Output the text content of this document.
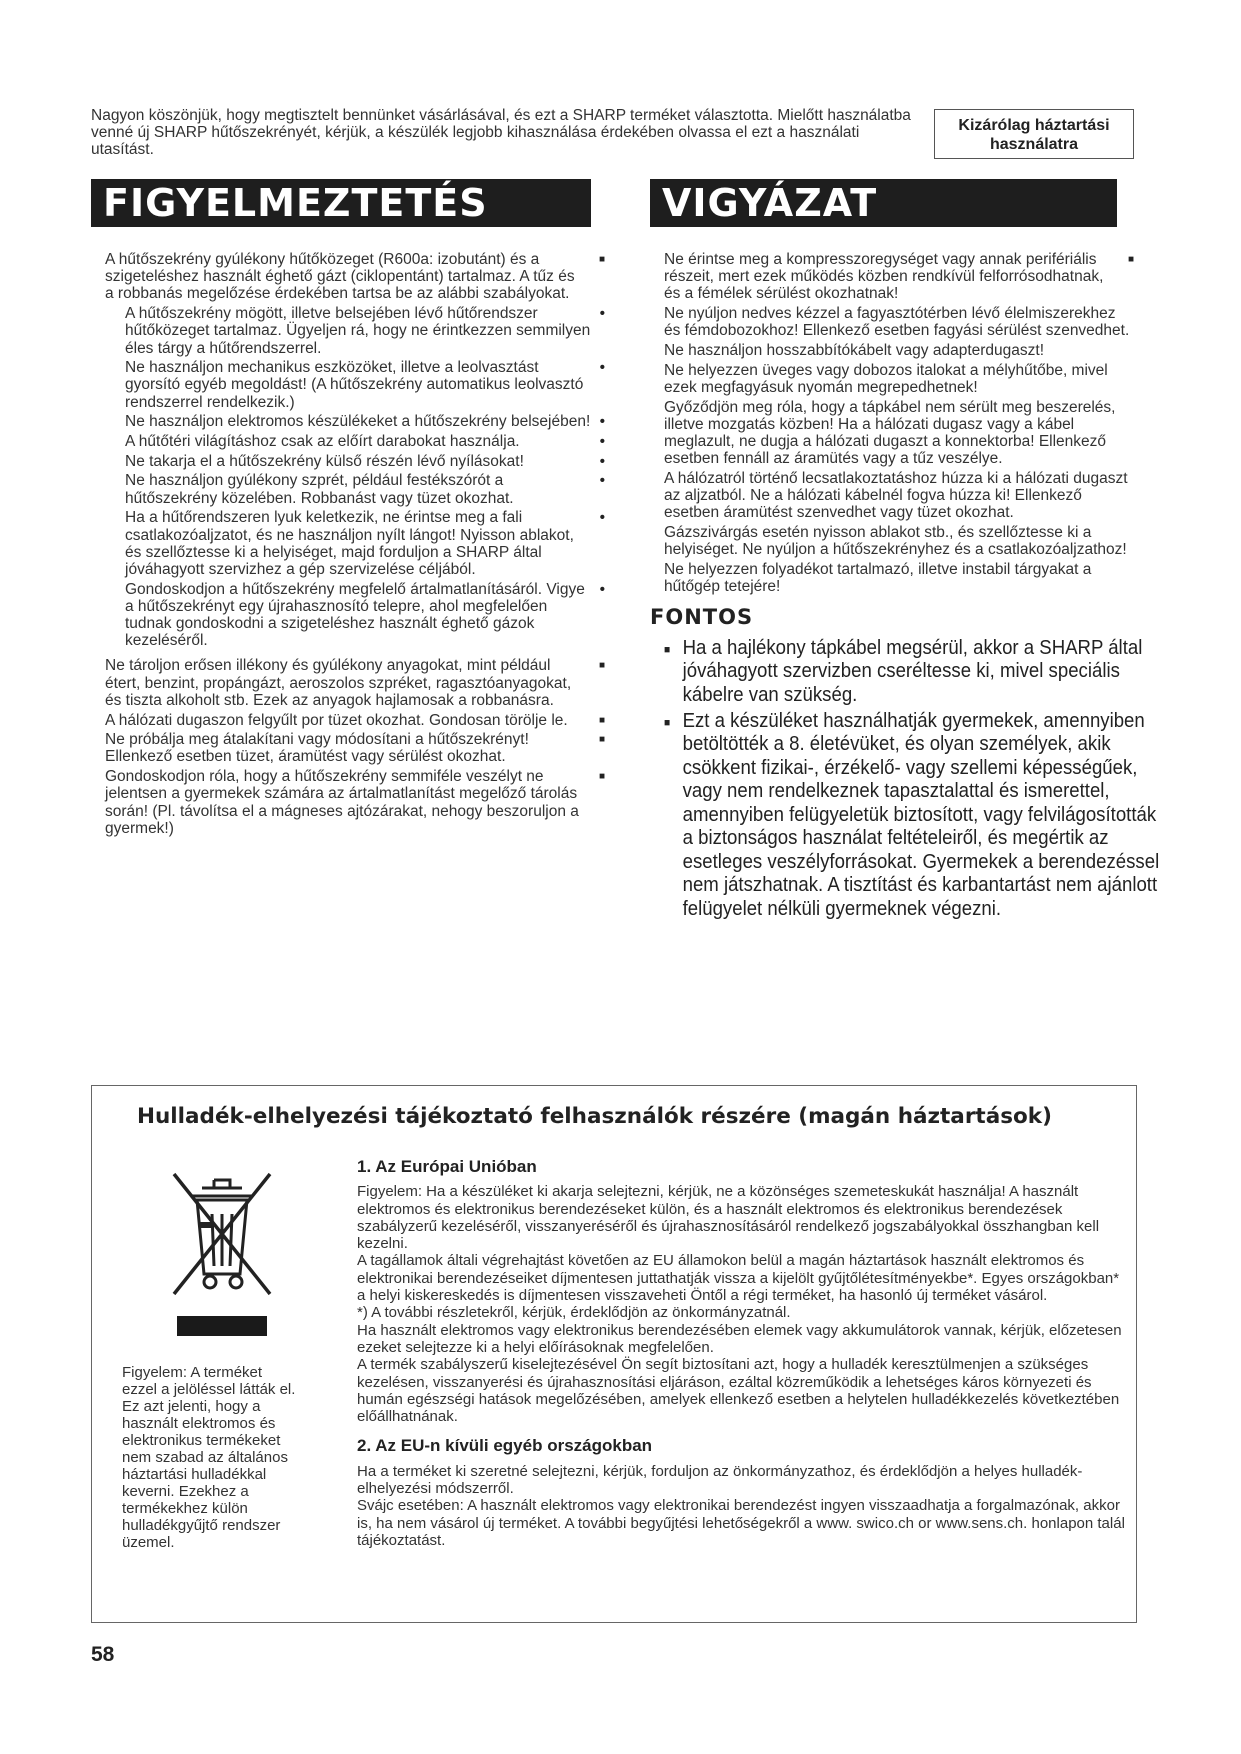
Nagyon köszönjük, hogy megtisztelt bennünket vásárlásával, és ezt a SHARP terméket választotta. Mielőtt használatba venné új SHARP hűtőszekrényét, kérjük, a készülék legjobb kihasználása érdekében olvassa el ezt a használati utasítást.
Kizárólag háztartási
használatra
FIGYELMEZTETÉS	VIGYÁZAT

A hűtőszekrény gyúlékony hűtőközeget (R600a: izobutánt) és a szigeteléshez használt éghető gázt (ciklopentánt) tartalmaz. A tűz és a robbanás megelőzése érdekében tartsa be az alábbi szabályokat. ■

A hűtőszekrény mögött, illetve belsejében lévő hűtőrendszer hűtőközeget tartalmaz. Ügyeljen rá, hogy ne érintkezzen semmilyen éles tárgy a hűtőrendszerrel. •

Ne használjon mechanikus eszközöket, illetve a leolvasztást gyorsító egyéb megoldást! (A hűtőszekrény automatikus leolvasztó rendszerrel rendelkezik.) •

Ne használjon elektromos készülékeket a hűtőszekrény belsejében! •

A hűtőtéri világításhoz csak az előírt darabokat használja. •

Ne takarja el a hűtőszekrény külső részén lévő nyílásokat! •

Ne használjon gyúlékony szprét, például festékszórót a hűtőszekrény közelében. Robbanást vagy tüzet okozhat. •

Ha a hűtőrendszeren lyuk keletkezik, ne érintse meg a fali csatlakozóaljzatot, és ne használjon nyílt lángot! Nyisson ablakot, és szellőztesse ki a helyiséget, majd forduljon a SHARP által jóváhagyott szervizhez a gép szervizelése céljából. •

Gondoskodjon a hűtőszekrény megfelelő ártalmatlanításáról. Vigye a hűtőszekrényt egy újrahasznosító telepre, ahol megfelelően tudnak gondoskodni a szigeteléshez használt éghető gázok kezeléséről. •

Ne tároljon erősen illékony és gyúlékony anyagokat, mint például étert, benzint, propángázt, aeroszolos szpréket, ragasztóanyagokat, és tiszta alkoholt stb. Ezek az anyagok hajlamosak a robbanásra. ■

A hálózati dugaszon felgyűlt por tüzet okozhat. Gondosan törölje le. ■

Ne próbálja meg átalakítani vagy módosítani a hűtőszekrényt! Ellenkező esetben tüzet, áramütést vagy sérülést okozhat. ■

Gondoskodjon róla, hogy a hűtőszekrény semmiféle veszélyt ne jelentsen a gyermekek számára az ártalmatlanítást megelőző tárolás során! (Pl. távolítsa el a mágneses ajtózárakat, nehogy beszoruljon a gyermek!) ■

Ne érintse meg a kompresszoregységet vagy annak perifériális részeit, mert ezek működés közben rendkívül felforrósodhatnak, és a fémélek sérülést okozhatnak! ■

Ne nyúljon nedves kézzel a fagyasztótérben lévő élelmiszerekhez és fémdobozokhoz! Ellenkező esetben fagyási sérülést szenvedhet.

Ne használjon hosszabbítókábelt vagy adapterdugaszt!

Ne helyezzen üveges vagy dobozos italokat a mélyhűtőbe, mivel ezek megfagyásuk nyomán megrepedhetnek!

Győződjön meg róla, hogy a tápkábel nem sérült meg beszerelés, illetve mozgatás közben! Ha a hálózati dugasz vagy a kábel meglazult, ne dugja a hálózati dugaszt a konnektorba! Ellenkező esetben fennáll az áramütés vagy a tűz veszélye.

A hálózatról történő lecsatlakoztatáshoz húzza ki a hálózati dugaszt az aljzatból. Ne a hálózati kábelnél fogva húzza ki! Ellenkező esetben áramütést szenvedhet vagy tüzet okozhat.

Gázszivárgás esetén nyisson ablakot stb., és szellőztesse ki a helyiséget. Ne nyúljon a hűtőszekrényhez és a csatlakozóaljzathoz!

Ne helyezzen folyadékot tartalmazó, illetve instabil tárgyakat a hűtőgép tetejére!

FONTOS

■ Ha a hajlékony tápkábel megsérül, akkor a SHARP által jóváhagyott szervizben cseréltesse ki, mivel speciális kábelre van szükség.

■ Ezt a készüléket használhatják gyermekek, amennyiben betöltötték a 8. életévüket, és olyan személyek, akik csökkent fizikai-, érzékelő- vagy szellemi képességűek, vagy nem rendelkeznek tapasztalattal és ismerettel, amennyiben felügyeletük biztosított, vagy felvilágosították a biztonságos használat feltételeiről, és megértik az esetleges veszélyforrásokat. Gyermekek a berendezéssel nem játszhatnak. A tisztítást és karbantartást nem ajánlott felügyelet nélküli gyermeknek végezni.

Hulladék-elhelyezési tájékoztató felhasználók részére (magán háztartások)
Figyelem: A terméket ezzel a jelöléssel látták el. Ez azt jelenti, hogy a használt elektromos és elektronikus termékeket nem szabad az általános háztartási hulladékkal keverni. Ezekhez a termékekhez külön hulladékgyűjtő rendszer üzemel.
1. Az Európai Unióban

Figyelem: Ha a készüléket ki akarja selejtezni, kérjük, ne a közönséges szemeteskukát használja! A használt elektromos és elektronikus berendezéseket külön, és a használt elektromos és elektronikus berendezések szabályzerű kezeléséről, visszanyeréséről és újrahasznosításáról rendelkező jogszabályokkal összhangban kell kezelni.

A tagállamok általi végrehajtást követően az EU államokon belül a magán háztartások használt elektromos és elektronikai berendezéseiket díjmentesen juttathatják vissza a kijelölt gyűjtőlétesítményekbe*. Egyes országokban* a helyi kiskereskedés is díjmentesen visszaveheti Öntől a régi terméket, ha hasonló új terméket vásárol.

*) A további részletekről, kérjük, érdeklődjön az önkormányzatnál.

Ha használt elektromos vagy elektronikus berendezésében elemek vagy akkumulátorok vannak, kérjük, előzetesen ezeket selejtezze ki a helyi előírásoknak megfelelően.

A termék szabályszerű kiselejtezésével Ön segít biztosítani azt, hogy a hulladék keresztülmenjen a szükséges kezelésen, visszanyerési és újrahasznosítási eljáráson, ezáltal közreműködik a lehetséges káros környezeti és humán egészségi hatások megelőzésében, amelyek ellenkező esetben a helytelen hulladékkezelés következtében előállhatnának.

2. Az EU-n kívüli egyéb országokban

Ha a terméket ki szeretné selejtezni, kérjük, forduljon az önkormányzathoz, és érdeklődjön a helyes hulladék-elhelyezési módszerről.

Svájc esetében: A használt elektromos vagy elektronikai berendezést ingyen visszaadhatja a forgalmazónak, akkor is, ha nem vásárol új terméket. A további begyűjtési lehetőségekről a www. swico.ch or www.sens.ch. honlapon talál tájékoztatást.

58
